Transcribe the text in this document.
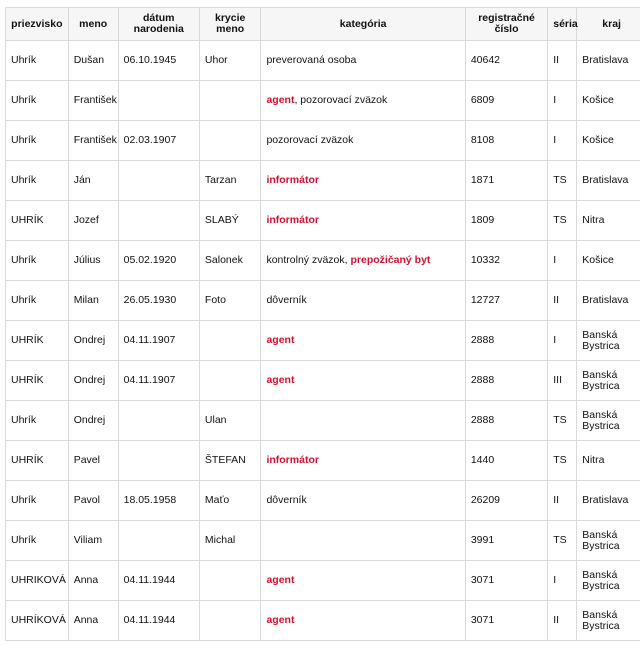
priezvisko	meno	dátum narodenia	krycie meno	kategória	registračné číslo	séria	kraj
Uhrík	Dušan	06.10.1945	Uhor	preverovaná osoba	40642	II	Bratislava
Uhrík	František			agent, pozorovací zväzok	6809	I	Košice
Uhrík	František	02.03.1907		pozorovací zväzok	8108	I	Košice
Uhrík	Ján		Tarzan	informátor	1871	TS	Bratislava
UHRÍK	Jozef		SLABÝ	informátor	1809	TS	Nitra
Uhrík	Július	05.02.1920	Salonek	kontrolný zväzok, prepožičaný byt	10332	I	Košice
Uhrík	Milan	26.05.1930	Foto	dôverník	12727	II	Bratislava
UHRÍK	Ondrej	04.11.1907		agent	2888	I	Banská Bystrica
UHRÍK	Ondrej	04.11.1907		agent	2888	III	Banská Bystrica
Uhrík	Ondrej		Ulan		2888	TS	Banská Bystrica
UHRÍK	Pavel		ŠTEFAN	informátor	1440	TS	Nitra
Uhrík	Pavol	18.05.1958	Maťo	dôverník	26209	II	Bratislava
Uhrík	Viliam		Michal		3991	TS	Banská Bystrica
UHRIKOVÁ	Anna	04.11.1944		agent	3071	I	Banská Bystrica
UHRÍKOVÁ	Anna	04.11.1944		agent	3071	II	Banská Bystrica
